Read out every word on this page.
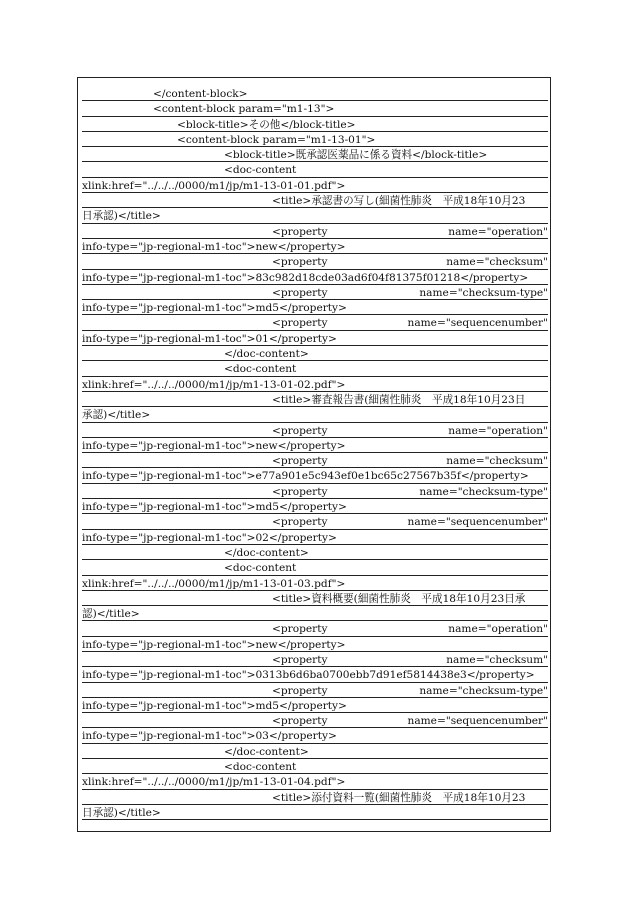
</content-block>
<content-block param="m1-13">
<block-title>その他</block-title>
<content-block param="m1-13-01">
<block-title>既承認医薬品に係る資料</block-title>
<doc-content
xlink:href="../../../0000/m1/jp/m1-13-01-01.pdf">
<title>承認書の写し(細菌性肺炎　平成18年10月23
日承認)</title>
<property	name="operation"
info-type="jp-regional-m1-toc">new</property>
<property	name="checksum"
info-type="jp-regional-m1-toc">83c982d18cde03ad6f04f81375f01218</property>
<property	name="checksum-type"
info-type="jp-regional-m1-toc">md5</property>
<property	name="sequencenumber"
info-type="jp-regional-m1-toc">01</property>
</doc-content>
<doc-content
xlink:href="../../../0000/m1/jp/m1-13-01-02.pdf">
<title>審査報告書(細菌性肺炎　平成18年10月23日
承認)</title>
<property	name="operation"
info-type="jp-regional-m1-toc">new</property>
<property	name="checksum"
info-type="jp-regional-m1-toc">e77a901e5c943ef0e1bc65c27567b35f</property>
<property	name="checksum-type"
info-type="jp-regional-m1-toc">md5</property>
<property	name="sequencenumber"
info-type="jp-regional-m1-toc">02</property>
</doc-content>
<doc-content
xlink:href="../../../0000/m1/jp/m1-13-01-03.pdf">
<title>資料概要(細菌性肺炎　平成18年10月23日承
認)</title>
<property	name="operation"
info-type="jp-regional-m1-toc">new</property>
<property	name="checksum"
info-type="jp-regional-m1-toc">0313b6d6ba0700ebb7d91ef5814438e3</property>
<property	name="checksum-type"
info-type="jp-regional-m1-toc">md5</property>
<property	name="sequencenumber"
info-type="jp-regional-m1-toc">03</property>
</doc-content>
<doc-content
xlink:href="../../../0000/m1/jp/m1-13-01-04.pdf">
<title>添付資料一覧(細菌性肺炎　平成18年10月23
日承認)</title>
